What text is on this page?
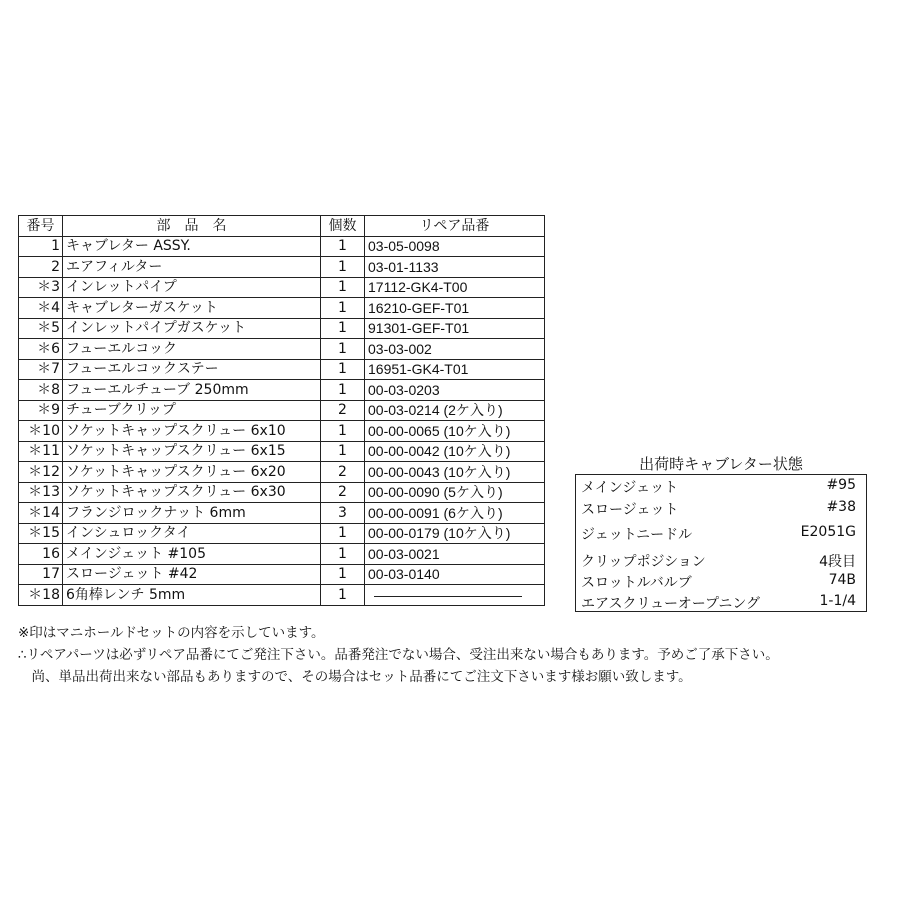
番号	部　品　名	個数	リペア品番
1	キャブレター ASSY.	1	03-05-0098
2	エアフィルター	1	03-01-1133
＊3	インレットパイプ	1	17112-GK4-T00
＊4	キャブレターガスケット	1	16210-GEF-T01
＊5	インレットパイプガスケット	1	91301-GEF-T01
＊6	フューエルコック	1	03-03-002
＊7	フューエルコックステー	1	16951-GK4-T01
＊8	フューエルチューブ 250mm	1	00-03-0203
＊9	チューブクリップ	2	00-03-0214 (2ケ入り)
＊10	ソケットキャップスクリュー 6x10	1	00-00-0065 (10ケ入り)
＊11	ソケットキャップスクリュー 6x15	1	00-00-0042 (10ケ入り)
＊12	ソケットキャップスクリュー 6x20	2	00-00-0043 (10ケ入り)
＊13	ソケットキャップスクリュー 6x30	2	00-00-0090 (5ケ入り)
＊14	フランジロックナット 6mm	3	00-00-0091 (6ケ入り)
＊15	インシュロックタイ	1	00-00-0179 (10ケ入り)
16	メインジェット #105	1	00-03-0021
17	スロージェット #42	1	00-03-0140
＊18	6角棒レンチ 5mm	1	
出荷時キャブレター状態
メインジェット	#95
スロージェット	#38
ジェットニードル	E2051G
クリップポジション	4段目
スロットルバルブ	74B
エアスクリューオープニング	1-1/4
※印はマニホールドセットの内容を示しています。
∴リペアパーツは必ずリペア品番にてご発注下さい。品番発注でない場合、受注出来ない場合もあります。予めご了承下さい。
　尚、単品出荷出来ない部品もありますので、その場合はセット品番にてご注文下さいます様お願い致します。
